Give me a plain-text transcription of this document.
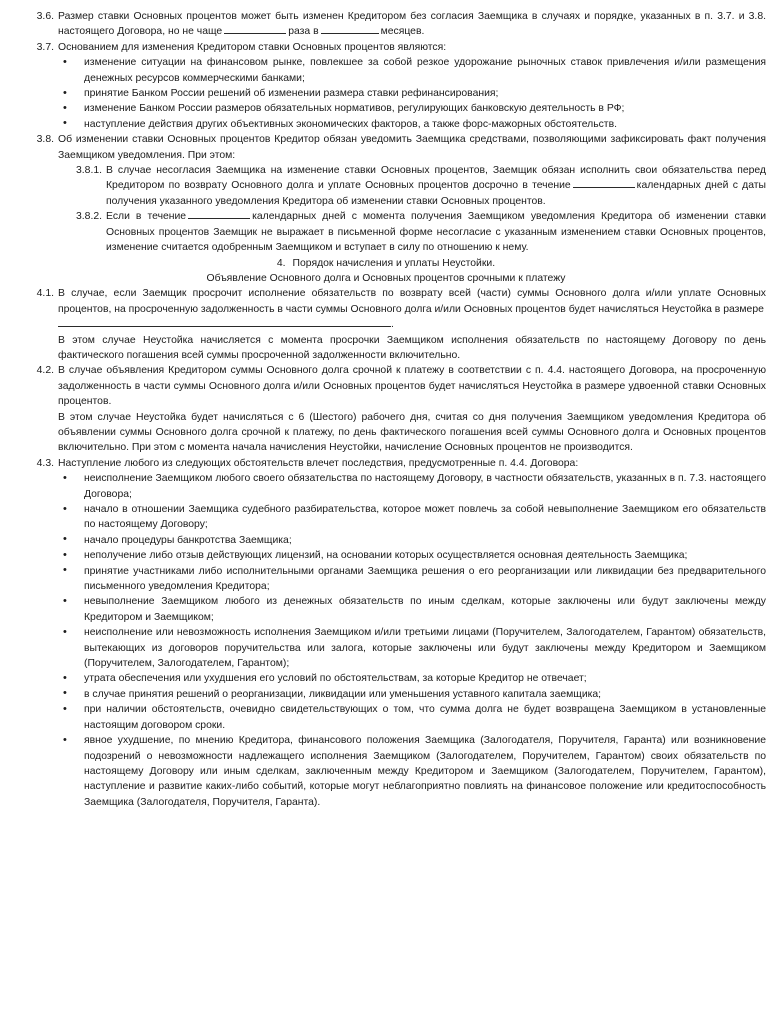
3.6. Размер ставки Основных процентов может быть изменен Кредитором без согласия Заемщика в случаях и порядке, указанных в п. 3.7. и 3.8. настоящего Договора, но не чаще	раза в	месяцев.
3.7. Основанием для изменения Кредитором ставки Основных процентов являются:
• изменение ситуации на финансовом рынке, повлекшее за собой резкое удорожание рыночных ставок привлечения и/или размещения денежных ресурсов коммерческими банками;
• принятие Банком России решений об изменении размера ставки рефинансирования;
• изменение Банком России размеров обязательных нормативов, регулирующих банковскую деятельность в РФ;
• наступление действия других объективных экономических факторов, а также форс-мажорных обстоятельств.
3.8. Об изменении ставки Основных процентов Кредитор обязан уведомить Заемщика средствами, позволяющими зафиксировать факт получения Заемщиком уведомления. При этом:
3.8.1. В случае несогласия Заемщика на изменение ставки Основных процентов, Заемщик обязан исполнить свои обязательства перед Кредитором по возврату Основного долга и уплате Основных процентов досрочно в течение	календарных дней с даты получения указанного уведомления Кредитора об изменении ставки Основных процентов.
3.8.2. Если в течение	календарных дней с момента получения Заемщиком уведомления Кредитора об изменении ставки Основных процентов Заемщик не выражает в письменной форме несогласие с указанным изменением ставки Основных процентов, изменение считается одобренным Заемщиком и вступает в силу по отношению к нему.
4. Порядок начисления и уплаты Неустойки.
Объявление Основного долга и Основных процентов срочными к платежу
4.1. В случае, если Заемщик просрочит исполнение обязательств по возврату всей (части) суммы Основного долга и/или уплате Основных процентов, на просроченную задолженность в части суммы Основного долга и/или Основных процентов будет начисляться Неустойка в размере
.
В этом случае Неустойка начисляется с момента просрочки Заемщиком исполнения обязательств по настоящему Договору по день фактического погашения всей суммы просроченной задолженности включительно.
4.2. В случае объявления Кредитором суммы Основного долга срочной к платежу в соответствии с п. 4.4. настоящего Договора, на просроченную задолженность в части суммы Основного долга и/или Основных процентов будет начисляться Неустойка в размере удвоенной ставки Основных процентов.
В этом случае Неустойка будет начисляться с 6 (Шестого) рабочего дня, считая со дня получения Заемщиком уведомления Кредитора об объявлении суммы Основного долга срочной к платежу, по день фактического погашения всей суммы Основного долга и Основных процентов включительно. При этом с момента начала начисления Неустойки, начисление Основных процентов не производится.
4.3. Наступление любого из следующих обстоятельств влечет последствия, предусмотренные п. 4.4. Договора:
• неисполнение Заемщиком любого своего обязательства по настоящему Договору, в частности обязательств, указанных в п. 7.3. настоящего Договора;
• начало в отношении Заемщика судебного разбирательства, которое может повлечь за собой невыполнение Заемщиком его обязательств по настоящему Договору;
• начало процедуры банкротства Заемщика;
• неполучение либо отзыв действующих лицензий, на основании которых осуществляется основная деятельность Заемщика;
• принятие участниками либо исполнительными органами Заемщика решения о его реорганизации или ликвидации без предварительного письменного уведомления Кредитора;
• невыполнение Заемщиком любого из денежных обязательств по иным сделкам, которые заключены или будут заключены между Кредитором и Заемщиком;
• неисполнение или невозможность исполнения Заемщиком и/или третьими лицами (Поручителем, Залогодателем, Гарантом) обязательств, вытекающих из договоров поручительства или залога, которые заключены или будут заключены между Кредитором и Заемщиком (Поручителем, Залогодателем, Гарантом);
• утрата обеспечения или ухудшения его условий по обстоятельствам, за которые Кредитор не отвечает;
• в случае принятия решений о реорганизации, ликвидации или уменьшения уставного капитала заемщика;
• при наличии обстоятельств, очевидно свидетельствующих о том, что сумма долга не будет возвращена Заемщиком в установленные настоящим договором сроки.
• явное ухудшение, по мнению Кредитора, финансового положения Заемщика (Залогодателя, Поручителя, Гаранта) или возникновение подозрений о невозможности надлежащего исполнения Заемщиком (Залогодателем, Поручителем, Гарантом) своих обязательств по настоящему Договору или иным сделкам, заключенным между Кредитором и Заемщиком (Залогодателем, Поручителем, Гарантом), наступление и развитие каких-либо событий, которые могут неблагоприятно повлиять на финансовое положение или кредитоспособность Заемщика (Залогодателя, Поручителя, Гаранта).
